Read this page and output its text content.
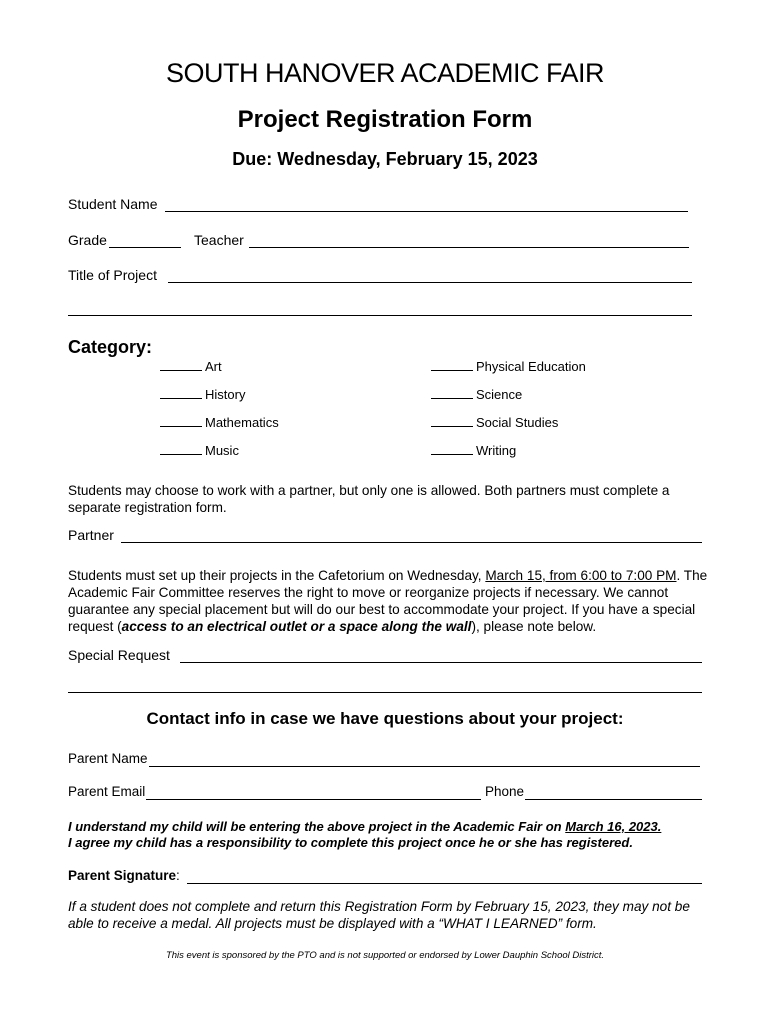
SOUTH HANOVER ACADEMIC FAIR
Project Registration Form
Due: Wednesday, February 15, 2023
Student Name
Grade	Teacher
Title of Project
Category:
Art
History
Mathematics
Music
Physical Education
Science
Social Studies
Writing
Students may choose to work with a partner, but only one is allowed. Both partners must complete a separate registration form.
Partner
Students must set up their projects in the Cafetorium on Wednesday, March 15, from 6:00 to 7:00 PM. The Academic Fair Committee reserves the right to move or reorganize projects if necessary. We cannot guarantee any special placement but will do our best to accommodate your project. If you have a special request (access to an electrical outlet or a space along the wall), please note below.
Special Request
Contact info in case we have questions about your project:
Parent Name
Parent Email	Phone
I understand my child will be entering the above project in the Academic Fair on March 16, 2023.
I agree my child has a responsibility to complete this project once he or she has registered.
Parent Signature:
If a student does not complete and return this Registration Form by February 15, 2023, they may not be able to receive a medal. All projects must be displayed with a “WHAT I LEARNED” form.
This event is sponsored by the PTO and is not supported or endorsed by Lower Dauphin School District.
